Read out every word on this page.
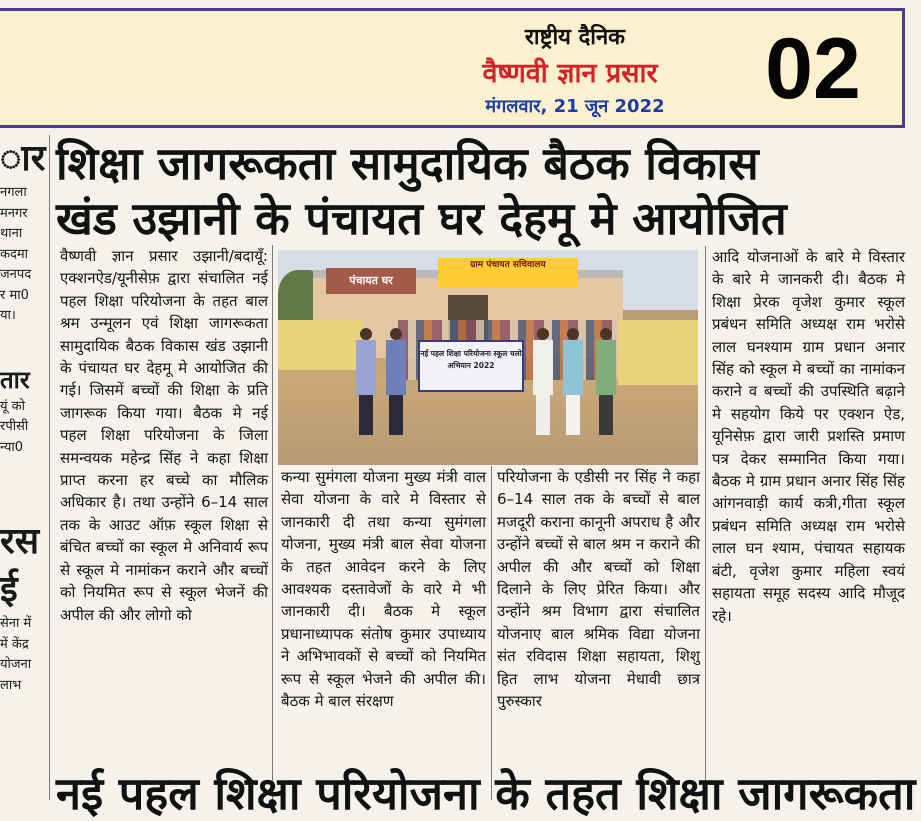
राष्ट्रीय दैनिक
वैष्णवी ज्ञान प्रसार
मंगलवार, 21 जून 2022	02
ार
नगला
मनगर
थाना
कदमा
जनपद
र मा0
या।
तार
यूं को
रपीसी
न्या0
रस
ई
सेना में
में केंद्र
योजना
लाभ
शिक्षा जागरूकता सामुदायिक बैठक विकास
खंड उझानी के पंचायत घर देहमू मे आयोजित
पंचायत घर
ग्राम पंचायत सचिवालय
नई पहल शिक्षा परियोजना स्कूल चलो अभियान 2022
वैष्णवी ज्ञान प्रसार उझानी/बदायूँ: एक्शनऐड/यूनीसेफ़ द्वारा संचालित नई पहल शिक्षा परियोजना के तहत बाल श्रम उन्मूलन एवं शिक्षा जागरूकता सामुदायिक बैठक विकास खंड उझानी के पंचायत घर देहमू मे आयोजित की गई। जिसमें बच्चों की शिक्षा के प्रति जागरूक किया गया। बैठक मे नई पहल शिक्षा परियोजना के जिला समन्वयक महेन्द्र सिंह ने कहा शिक्षा प्राप्त करना हर बच्चे का मौलिक अधिकार है। तथा उन्होंने 6–14 साल तक के आउट ऑफ़ स्कूल शिक्षा से बंचित बच्चों का स्कूल मे अनिवार्य रूप से स्कूल मे नामांकन कराने और बच्चों को नियमित रूप से स्कूल भेजनें की अपील की और लोगो को
कन्या सुमंगला योजना मुख्य मंत्री वाल सेवा योजना के वारे मे विस्तार से जानकारी दी तथा कन्या सुमंगला योजना, मुख्य मंत्री बाल सेवा योजना के तहत आवेदन करने के लिए आवश्यक दस्तावेजों के वारे मे भी जानकारी दी। बैठक मे स्कूल प्रधानाध्यापक संतोष कुमार उपाध्याय ने अभिभावकों से बच्चों को नियमित रूप से स्कूल भेजने की अपील की। बैठक मे बाल संरक्षण
परियोजना के एडीसी नर सिंह ने कहा 6–14 साल तक के बच्चों से बाल मजदूरी कराना कानूनी अपराध है और उन्होंने बच्चों से बाल श्रम न कराने की अपील की और बच्चों को शिक्षा दिलाने के लिए प्रेरित किया। और उन्होंने श्रम विभाग द्वारा संचालित योजनाए बाल श्रमिक विद्या योजना संत रविदास शिक्षा सहायता, शिशु हित लाभ योजना मेधावी छात्र पुरुस्कार
आदि योजनाओं के बारे मे विस्तार के बारे मे जानकरी दी। बैठक मे शिक्षा प्रेरक वृजेश कुमार स्कूल प्रबंधन समिति अध्यक्ष राम भरोसे लाल घनश्याम ग्राम प्रधान अनार सिंह को स्कूल मे बच्चों का नामांकन कराने व बच्चों की उपस्थिति बढ़ाने मे सहयोग किये पर एक्शन ऐड, यूनिसेफ़ द्वारा जारी प्रशस्ति प्रमाण पत्र देकर सम्मानित किया गया। बैठक मे ग्राम प्रधान अनार सिंह सिंह आंगनवाड़ी कार्य कत्री,गीता स्कूल प्रबंधन समिति अध्यक्ष राम भरोसे लाल घन श्याम, पंचायत सहायक बंटी, वृजेश कुमार महिला स्वयं सहायता समूह सदस्य आदि मौजूद रहे।
नई पहल शिक्षा परियोजना के तहत शिक्षा जागरूकता
